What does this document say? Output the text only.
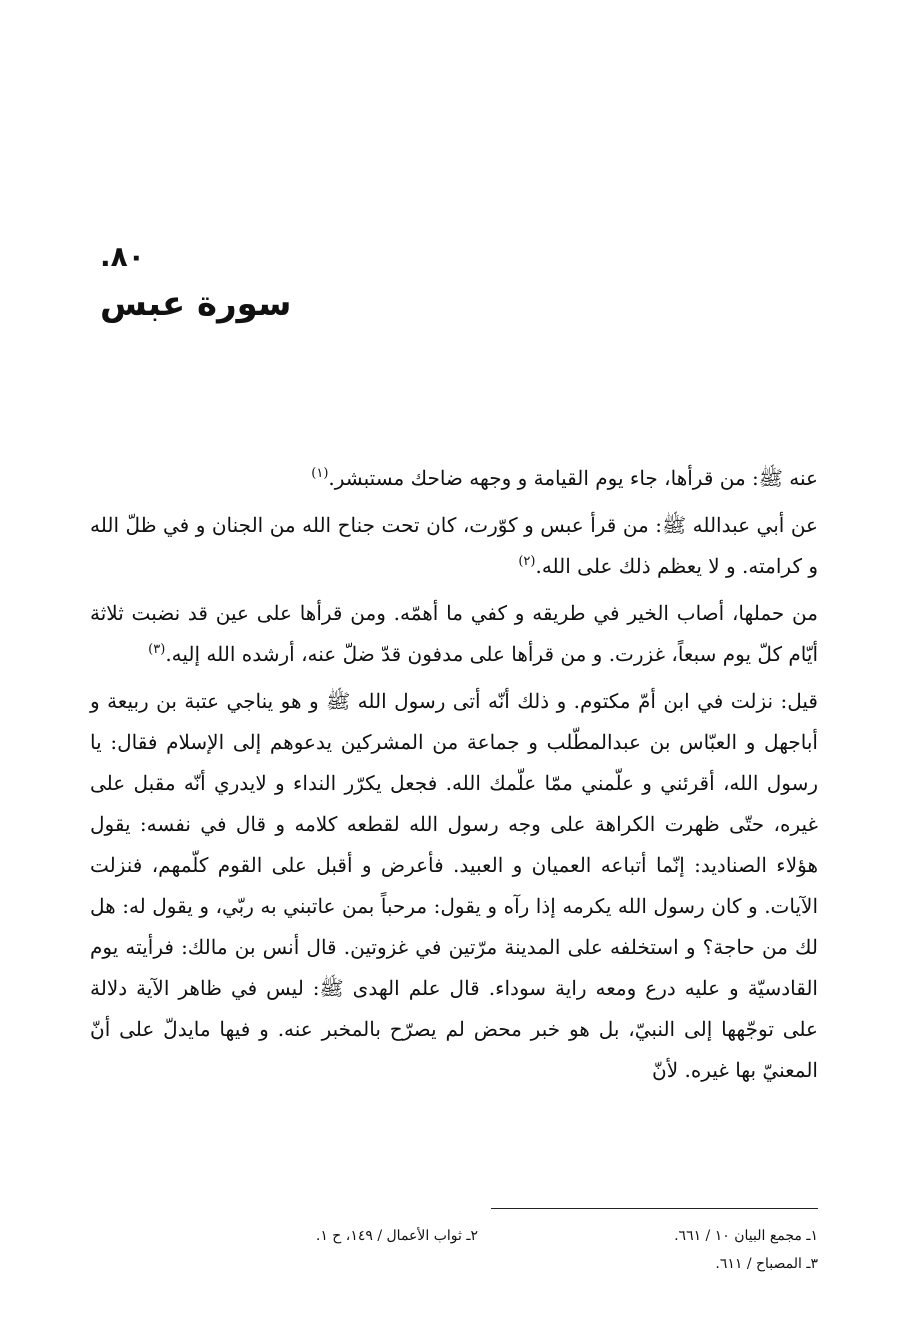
.٨٠
سورة عبس

عنه ﷺ: من قرأها، جاء يوم القيامة و وجهه ضاحك مستبشر.$^{(١)}$

عن أبي عبدالله ﷺ: من قرأ عبس و كوّرت، كان تحت جناح الله من الجنان و في ظلّ الله و كرامته. و لا يعظم ذلك على الله.$^{(٢)}$

من حملها، أصاب الخير في طريقه و كفي ما أهمّه. ومن قرأها على عين قد نضبت ثلاثة أيّام كلّ يوم سبعاً، غزرت. و من قرأها على مدفون قدّ ضلّ عنه، أرشده الله إليه.$^{(٣)}$

قيل: نزلت في ابن أمّ مكتوم. و ذلك أنّه أتى رسول الله ﷺ و هو يناجي عتبة بن ربيعة و أباجهل و العبّاس بن عبدالمطّلب و جماعة من المشركين يدعوهم إلى الإسلام فقال: يا رسول الله، أقرئني و علّمني ممّا علّمك الله. فجعل يكرّر النداء و لايدري أنّه مقبل على غيره، حتّى ظهرت الكراهة على وجه رسول الله لقطعه كلامه و قال في نفسه: يقول هؤلاء الصناديد: إنّما أتباعه العميان و العبيد. فأعرض و أقبل على القوم كلّمهم، فنزلت الآيات. و كان رسول الله يكرمه إذا رآه و يقول: مرحباً بمن عاتبني به ربّي، و يقول له: هل لك من حاجة؟ و استخلفه على المدينة مرّتين في غزوتين. قال أنس بن مالك: فرأيته يوم القادسيّة و عليه درع ومعه راية سوداء. قال علم الهدى ﷺ: ليس في ظاهر الآية دلالة على توجّهها إلى النبيّ، بل هو خبر محض لم يصرّح بالمخبر عنه. و فيها مايدلّ على أنّ المعنيّ بها غيره. لأنّ

١ـ مجمع البيان ١٠ / ٦٦١.
٢ـ ثواب الأعمال / ١٤٩، ح ١.
٣ـ المصباح / ٦١١.
